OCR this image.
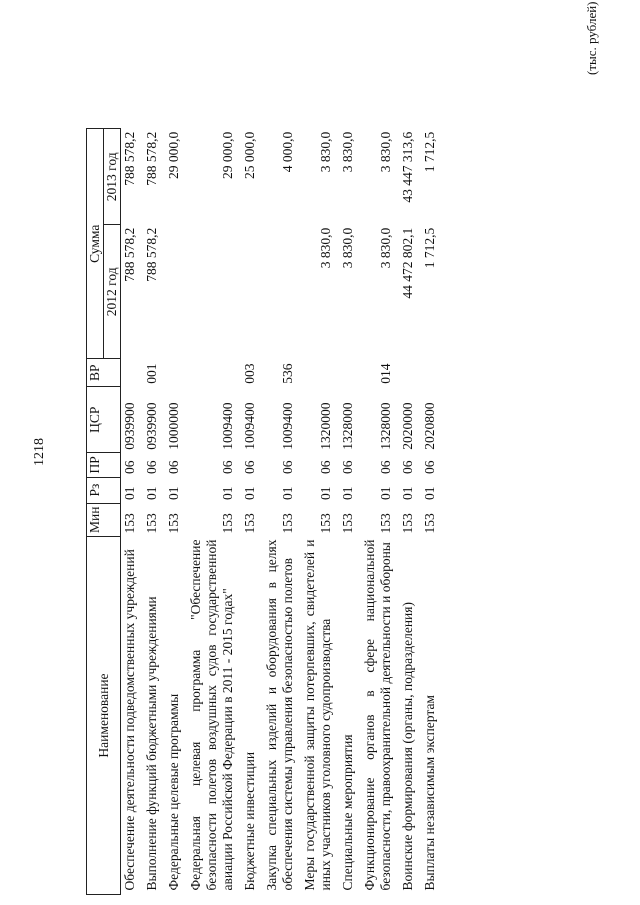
1218
(тыс. рублей)
Наименование	Мин	Рз	ПР	ЦСР	ВР	Сумма	
						2012 год	2013 год
Обеспечение деятельности подведомственных учреждений	153	01	06	0939900		788 578,2	788 578,2
Выполнение функций бюджетными учреждениями	153	01	06	0939900	001	788 578,2	788 578,2
Федеральные целевые программы	153	01	06	1000000			29 000,0
Федеральная целевая программа "Обеспечение безопасности полетов воздушных судов государственной авиации Российской Федерации в 2011 - 2015 годах"	153	01	06	1009400			29 000,0
Бюджетные инвестиции	153	01	06	1009400	003		25 000,0
Закупка специальных изделий и оборудования в целях обеспечения системы управления безопасностью полетов	153	01	06	1009400	536		4 000,0
Меры государственной защиты потерпевших, свидетелей и иных участников уголовного судопроизводства	153	01	06	1320000		3 830,0	3 830,0
Специальные мероприятия	153	01	06	1328000		3 830,0	3 830,0
Функционирование органов в сфере национальной безопасности, правоохранительной деятельности и обороны	153	01	06	1328000	014	3 830,0	3 830,0
Воинские формирования (органы, подразделения)	153	01	06	2020000		44 472 802,1	43 447 313,6
Выплаты независимым экспертам	153	01	06	2020800		1 712,5	1 712,5
